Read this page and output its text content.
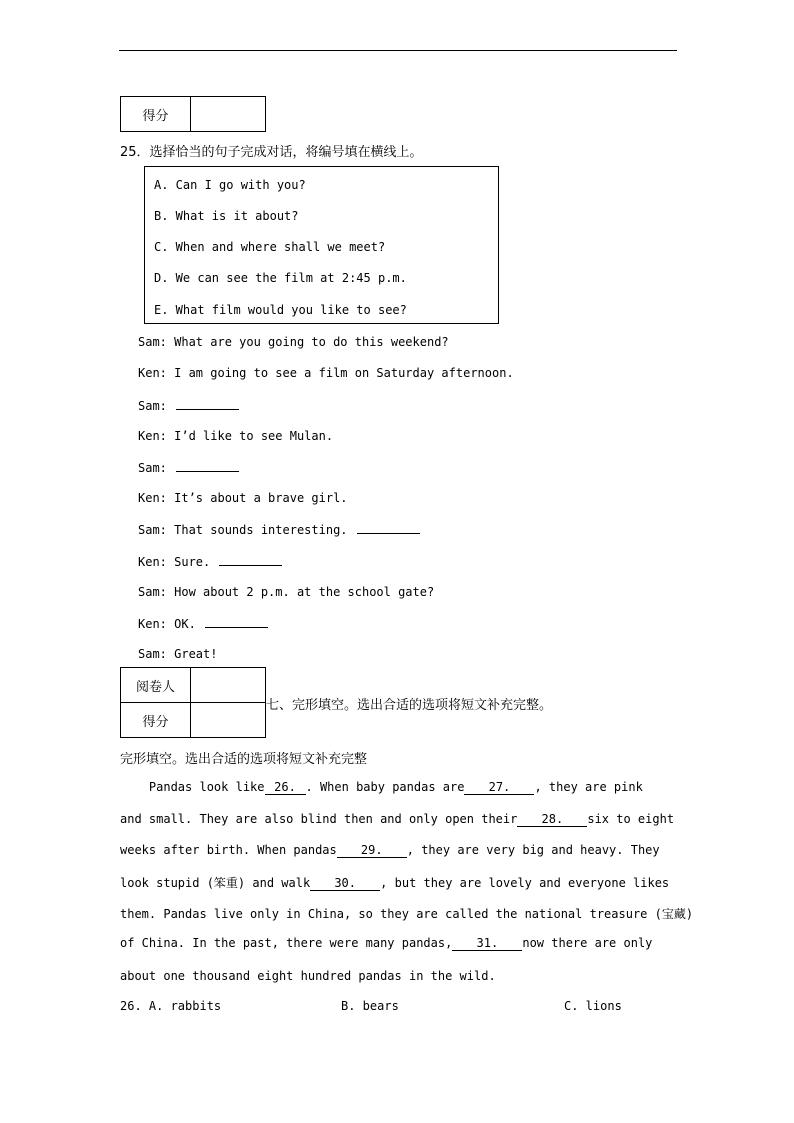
得分	
25．选择恰当的句子完成对话，将编号填在横线上。
A. Can I go with you?
B. What is it about?
C. When and where shall we meet?
D. We can see the film at 2:45 p.m.
E. What film would you like to see?
Sam: What are you going to do this weekend?
Ken: I am going to see a film on Saturday afternoon.
Sam:
Ken: I’d like to see Mulan.
Sam:
Ken: It’s about a brave girl.
Sam: That sounds interesting.
Ken: Sure.
Sam: How about 2 p.m. at the school gate?
Ken: OK.
Sam: Great!
阅卷人	
得分	
七、完形填空。选出合适的选项将短文补充完整。
完形填空。选出合适的选项将短文补充完整
Pandas look like 26. . When baby pandas are 27. , they are pink
and small. They are also blind then and only open their 28. six to eight
weeks after birth. When pandas 29. , they are very big and heavy. They
look stupid (笨重) and walk 30. , but they are lovely and everyone likes
them. Pandas live only in China, so they are called the national treasure (宝藏)
of China. In the past, there were many pandas, 31. now there are only
about one thousand eight hundred pandas in the wild.
26. A. rabbits	B. bears	C. lions
